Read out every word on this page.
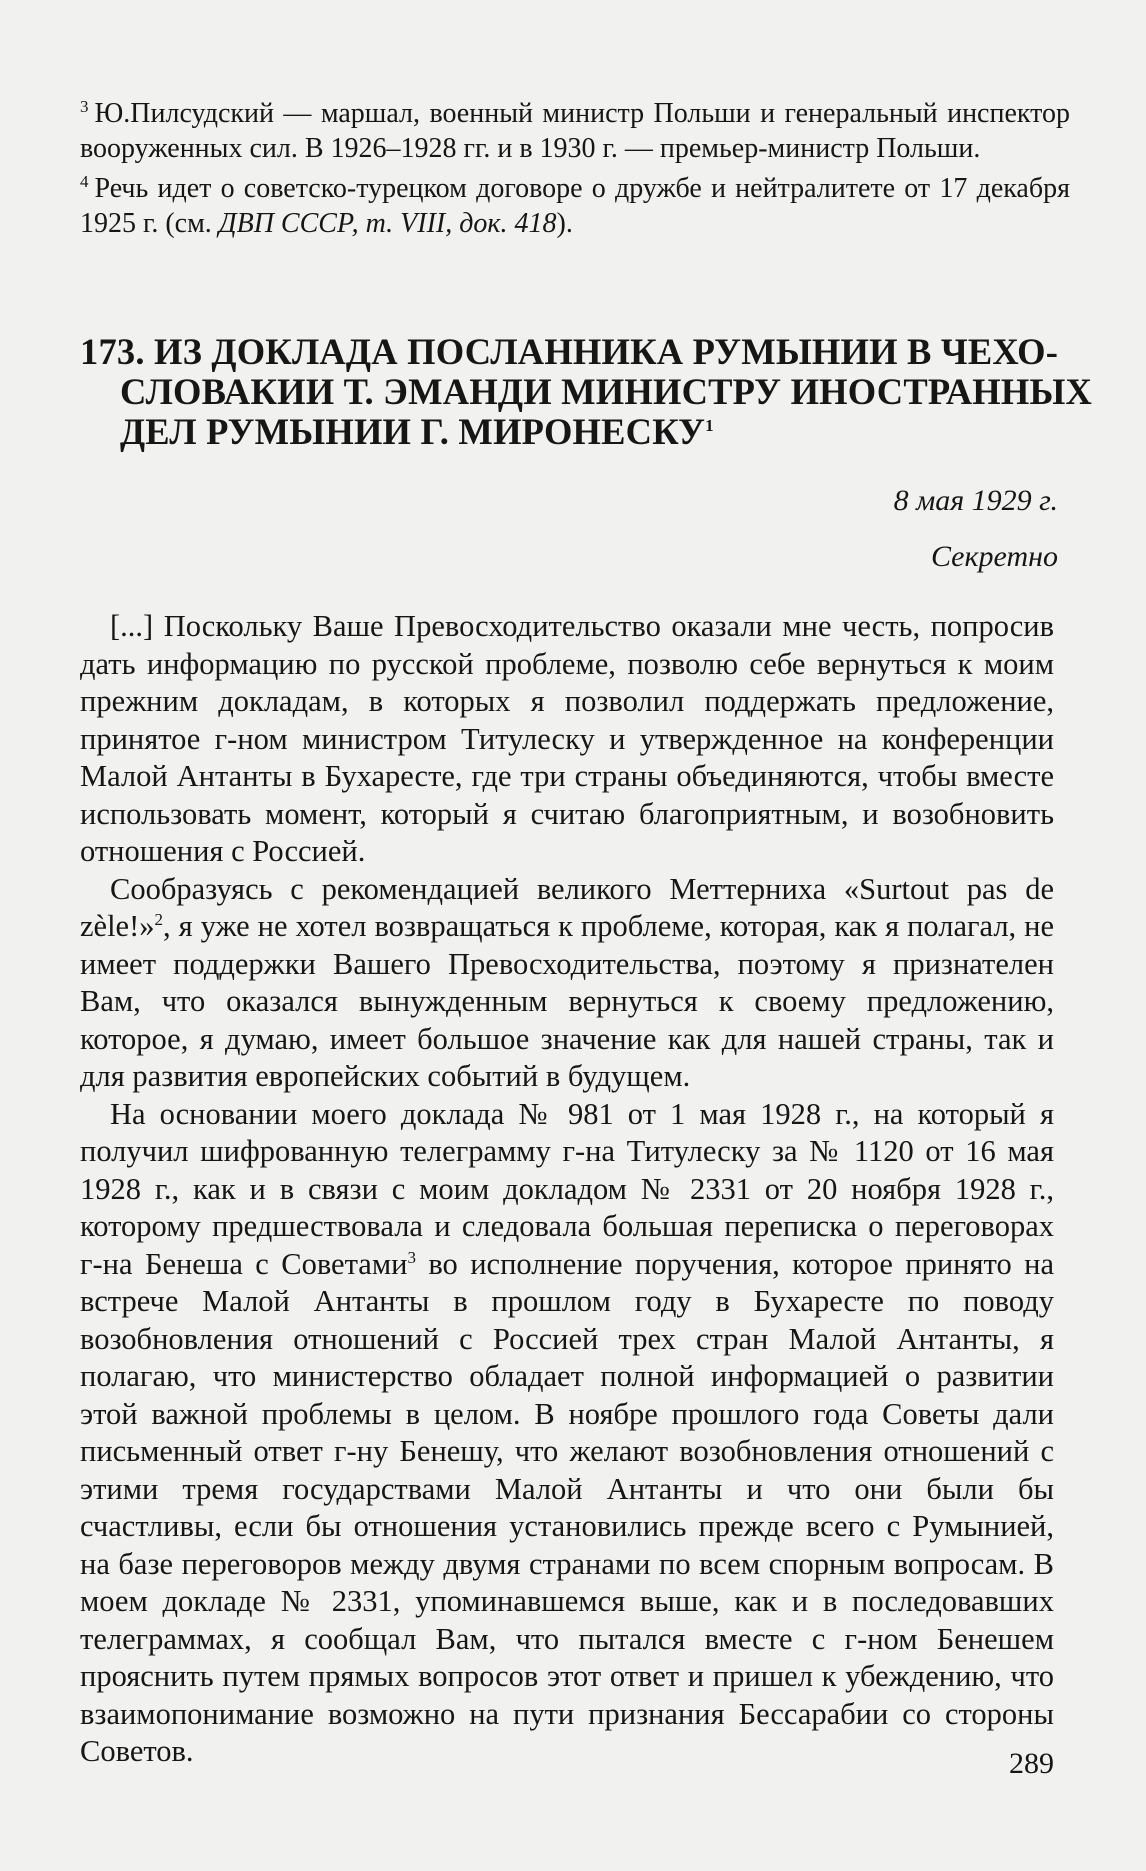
$^3$ Ю.Пилсудский — маршал, военный министр Польши и генеральный инспектор вооруженных сил. В 1926–1928 гг. и в 1930 г. — премьер-министр Польши.

$^4$ Речь идет о советско-турецком договоре о дружбе и нейтралитете от 17 декабря 1925 г. (см. ДВП СССР, т. VIII, док. 418).

173. ИЗ ДОКЛАДА ПОСЛАННИКА РУМЫНИИ В ЧЕХО-
СЛОВАКИИ Т. ЭМАНДИ МИНИСТРУ ИНОСТРАННЫХ
ДЕЛ РУМЫНИИ Г. МИРОНЕСКУ$^1$
8 мая 1929 г.
Секретно

[...] Поскольку Ваше Превосходительство оказали мне честь, попросив дать информацию по русской проблеме, позволю себе вернуться к моим прежним докладам, в которых я позволил поддержать предложение, принятое г-ном министром Титулеску и утвержденное на конференции Малой Антанты в Бухаресте, где три страны объединяются, чтобы вместе использовать момент, который я считаю благоприятным, и возобновить отношения с Россией.

Сообразуясь с рекомендацией великого Меттерниха «Surtout pas de zèle!»$^2$, я уже не хотел возвращаться к проблеме, которая, как я полагал, не имеет поддержки Вашего Превосходительства, поэтому я признателен Вам, что оказался вынужденным вернуться к своему предложению, которое, я думаю, имеет большое значение как для нашей страны, так и для развития европейских событий в будущем.

На основании моего доклада № 981 от 1 мая 1928 г., на который я получил шифрованную телеграмму г-на Титулеску за № 1120 от 16 мая 1928 г., как и в связи с моим докладом № 2331 от 20 ноября 1928 г., которому предшествовала и следовала большая переписка о переговорах г-на Бенеша с Советами$^3$ во исполнение поручения, которое принято на встрече Малой Антанты в прошлом году в Бухаресте по поводу возобновления отношений с Россией трех стран Малой Антанты, я полагаю, что министерство обладает полной информацией о развитии этой важной проблемы в целом. В ноябре прошлого года Советы дали письменный ответ г-ну Бенешу, что желают возобновления отношений с этими тремя государствами Малой Антанты и что они были бы счастливы, если бы отношения установились прежде всего с Румынией, на базе переговоров между двумя странами по всем спорным вопросам. В моем докладе № 2331, упоминавшемся выше, как и в последовавших телеграммах, я сообщал Вам, что пытался вместе с г-ном Бенешем прояснить путем прямых вопросов этот ответ и пришел к убеждению, что взаимопонимание возможно на пути признания Бессарабии со стороны Советов.	289
